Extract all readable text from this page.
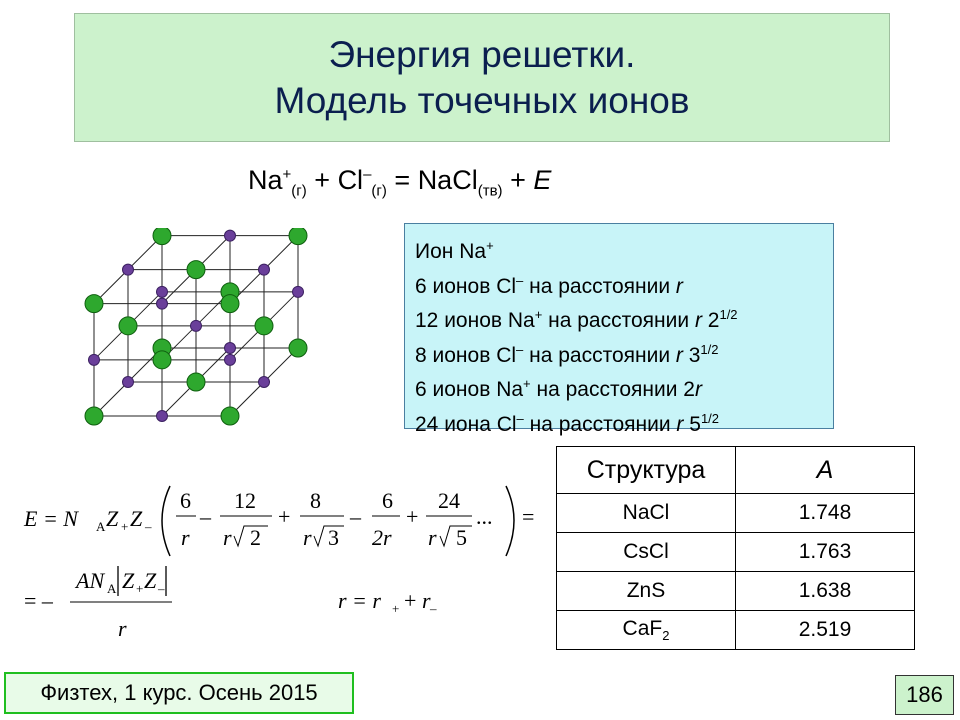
Энергия решетки.
Модель точечных ионов
$Na^+_{(г)} + Cl^-_{(г)}$ = NaCl$_{(тв)}$ + E
Ион Na+
6 ионов Cl– на расстоянии r
12 ионов Na+ на расстоянии r $2^{1/2}$
8 ионов Cl– на расстоянии r $3^{1/2}$
6 ионов Na+ на расстоянии 2r
24 иона Cl– на расстоянии r $5^{1/2}$
E = N A Z + Z –
6
r
–
12
r 2
+
8
r 3
–
6
2r
+
24
r 5
... =
= –
AN A Z + Z –
r
r = r + + r –
Структура	A
NaCl	1.748
CsCl	1.763
ZnS	1.638
CaF$_2$	2.519
Физтех, 1 курс. Осень 2015	186
